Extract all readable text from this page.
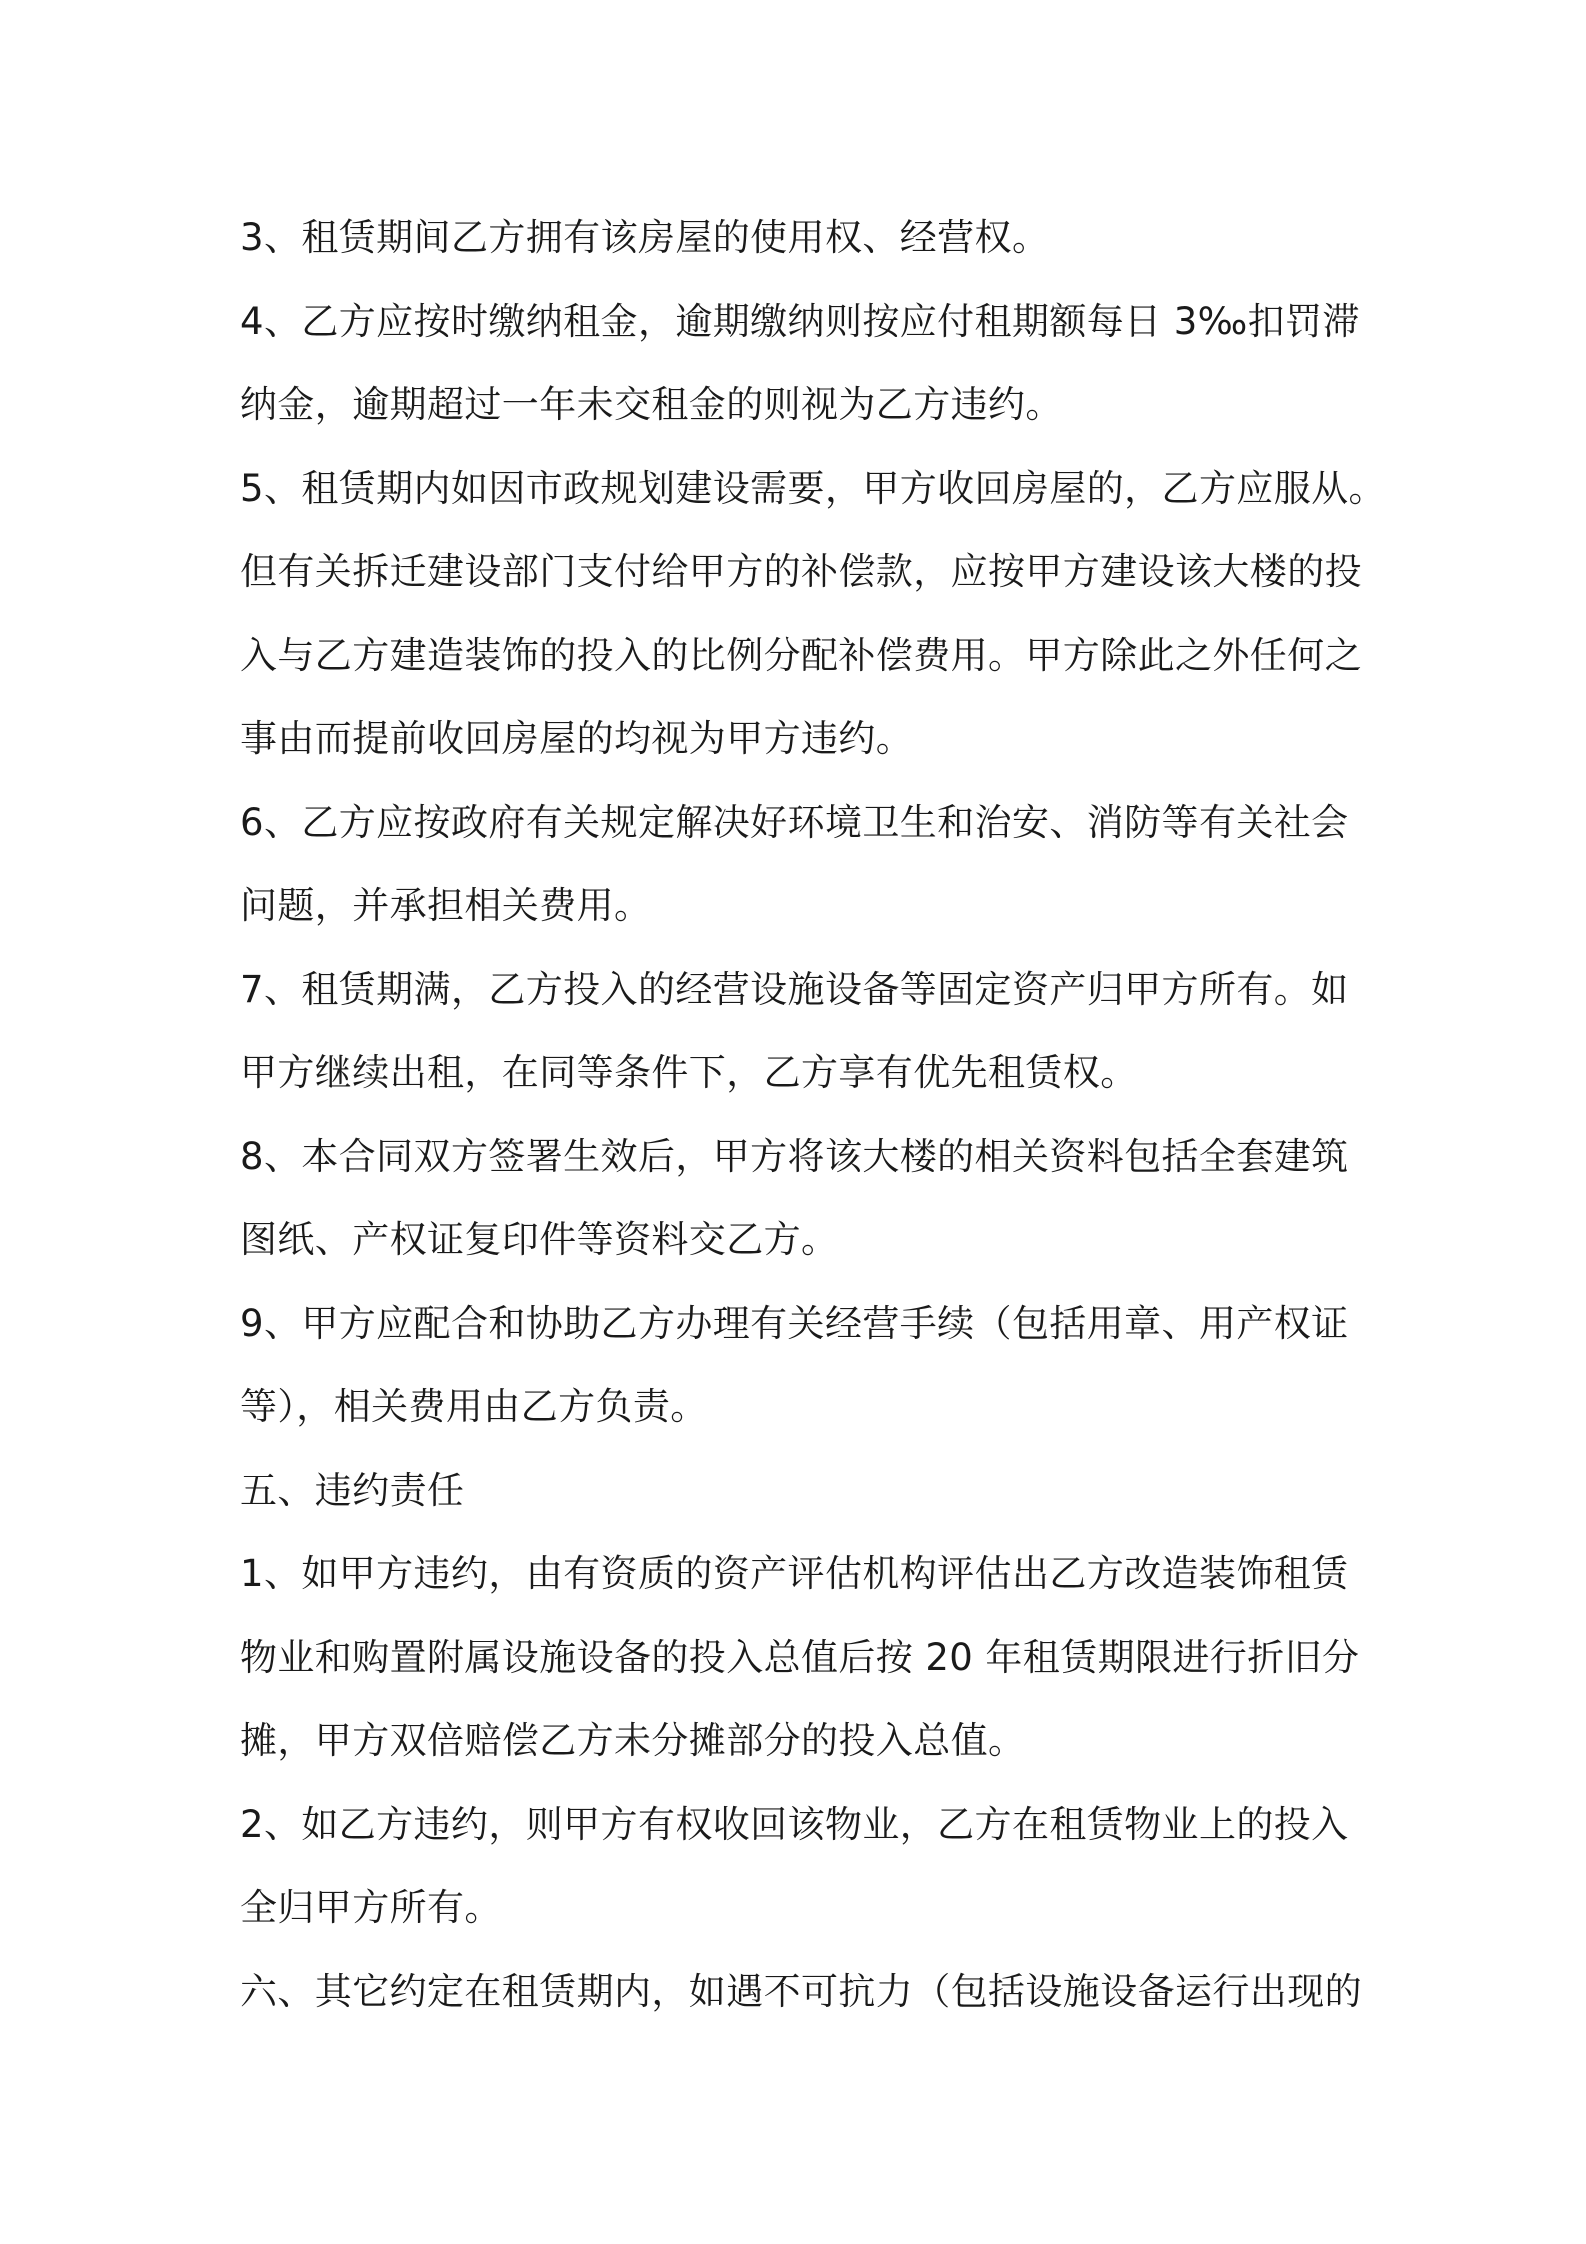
3、租赁期间乙方拥有该房屋的使用权、经营权。
4、乙方应按时缴纳租金，逾期缴纳则按应付租期额每日 3‰扣罚滞
纳金，逾期超过一年未交租金的则视为乙方违约。
5、租赁期内如因市政规划建设需要，甲方收回房屋的，乙方应服从。
但有关拆迁建设部门支付给甲方的补偿款，应按甲方建设该大楼的投
入与乙方建造装饰的投入的比例分配补偿费用。甲方除此之外任何之
事由而提前收回房屋的均视为甲方违约。
6、乙方应按政府有关规定解决好环境卫生和治安、消防等有关社会
问题，并承担相关费用。
7、租赁期满，乙方投入的经营设施设备等固定资产归甲方所有。如
甲方继续出租，在同等条件下，乙方享有优先租赁权。
8、本合同双方签署生效后，甲方将该大楼的相关资料包括全套建筑
图纸、产权证复印件等资料交乙方。
9、甲方应配合和协助乙方办理有关经营手续（包括用章、用产权证
等），相关费用由乙方负责。
五、违约责任
1、如甲方违约，由有资质的资产评估机构评估出乙方改造装饰租赁
物业和购置附属设施设备的投入总值后按 20 年租赁期限进行折旧分
摊，甲方双倍赔偿乙方未分摊部分的投入总值。
2、如乙方违约，则甲方有权收回该物业，乙方在租赁物业上的投入
全归甲方所有。
六、其它约定在租赁期内，如遇不可抗力（包括设施设备运行出现的
